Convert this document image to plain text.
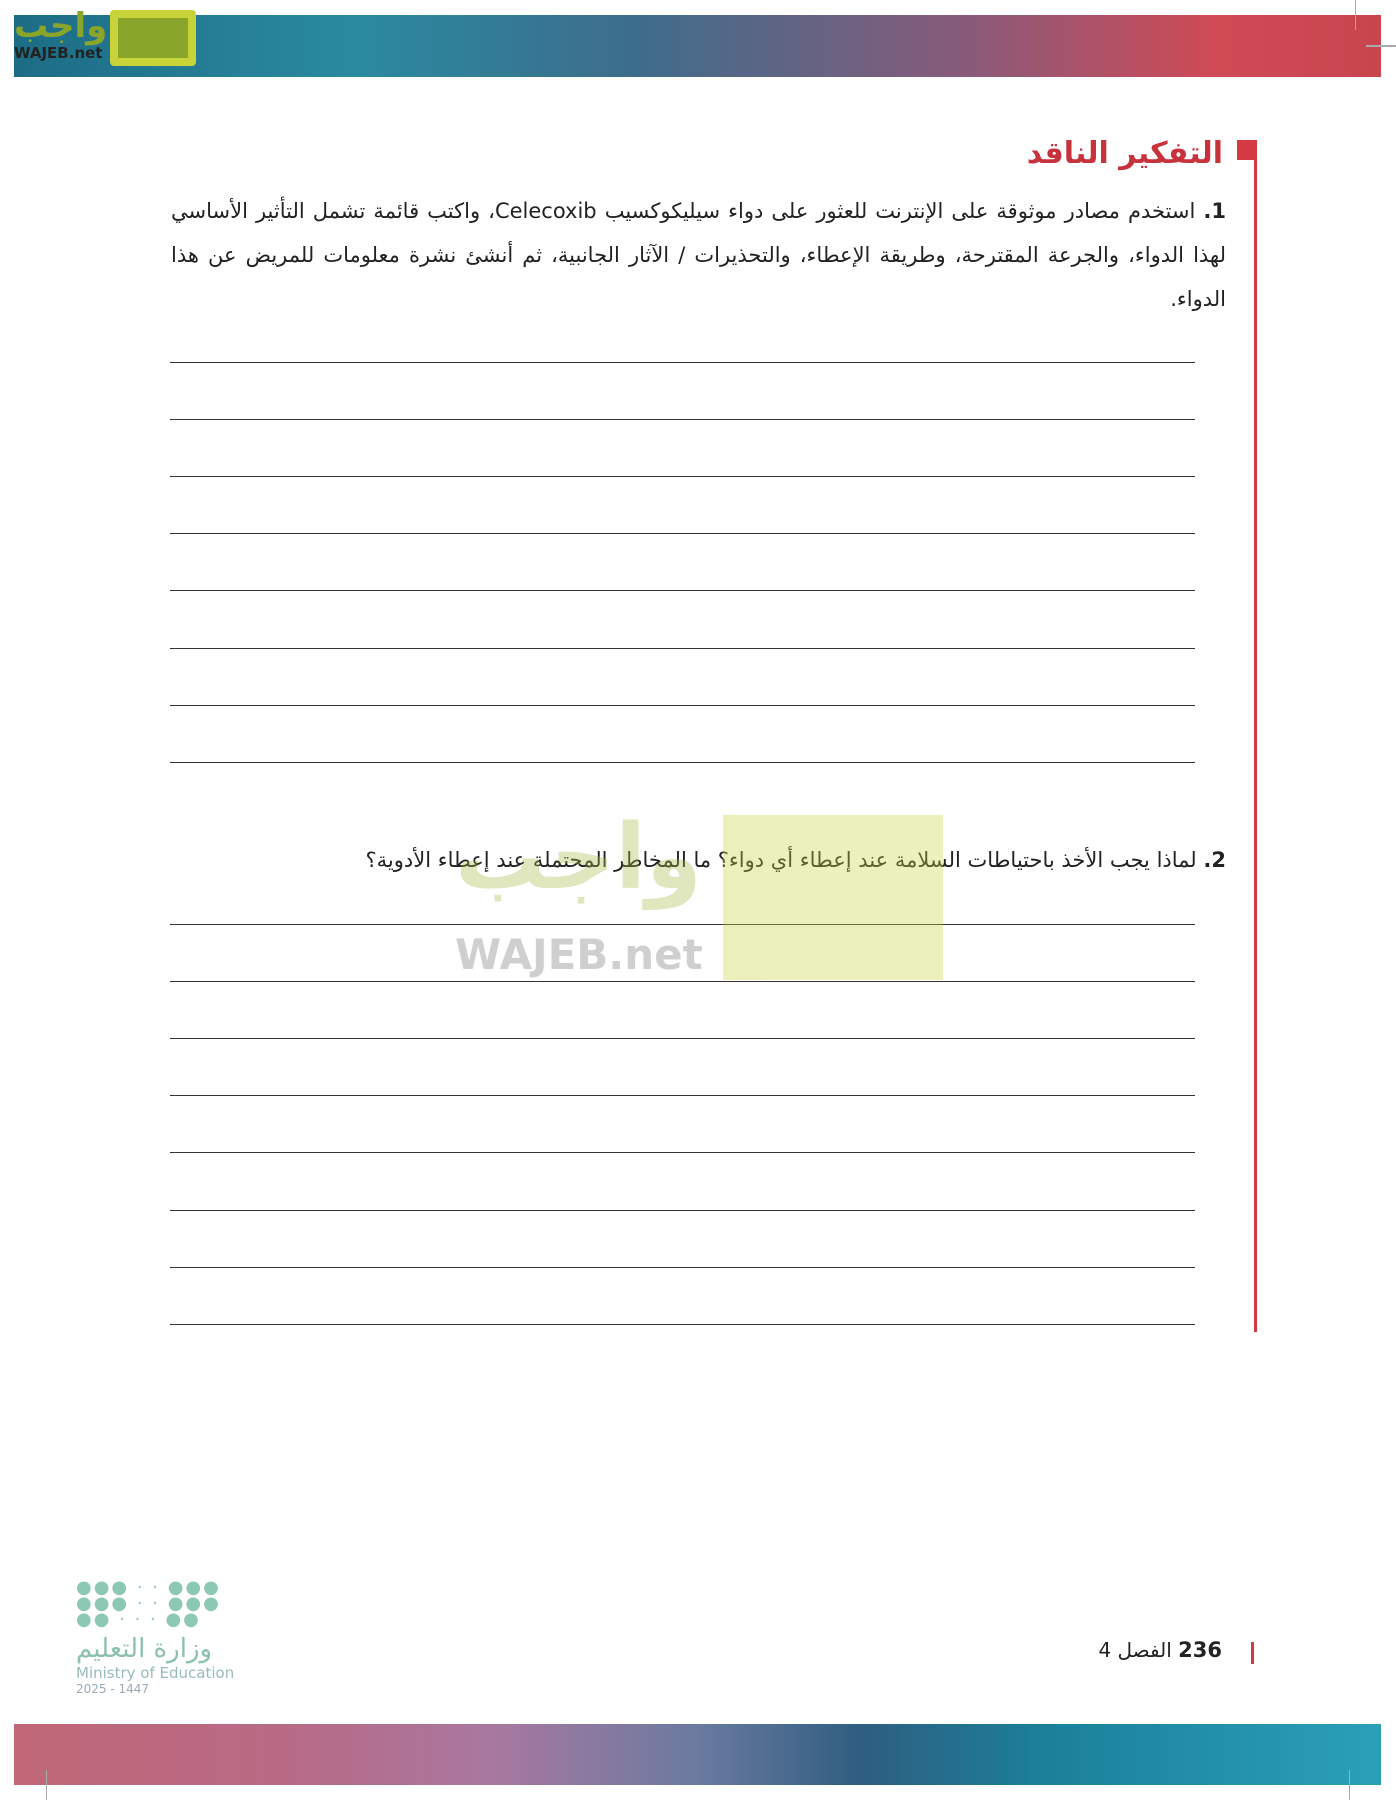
واجب
WAJEB.net
التفكير الناقد
1. استخدم مصادر موثوقة على الإنترنت للعثور على دواء سيليكوكسيب Celecoxib، واكتب قائمة تشمل التأثير الأساسي لهذا الدواء، والجرعة المقترحة، وطريقة الإعطاء، والتحذيرات / الآثار الجانبية، ثم أنشئ نشرة معلومات للمريض عن هذا الدواء.
2. لماذا يجب الأخذ باحتياطات السلامة عند إعطاء أي دواء؟ ما المخاطر المحتملة عند إعطاء الأدوية؟
واجب
WAJEB.net
236 الفصل 4
●●● · · ●●●
●●● · · ●●●
●● · · · ●●
وزارة التعليم
Ministry of Education
2025 - 1447
